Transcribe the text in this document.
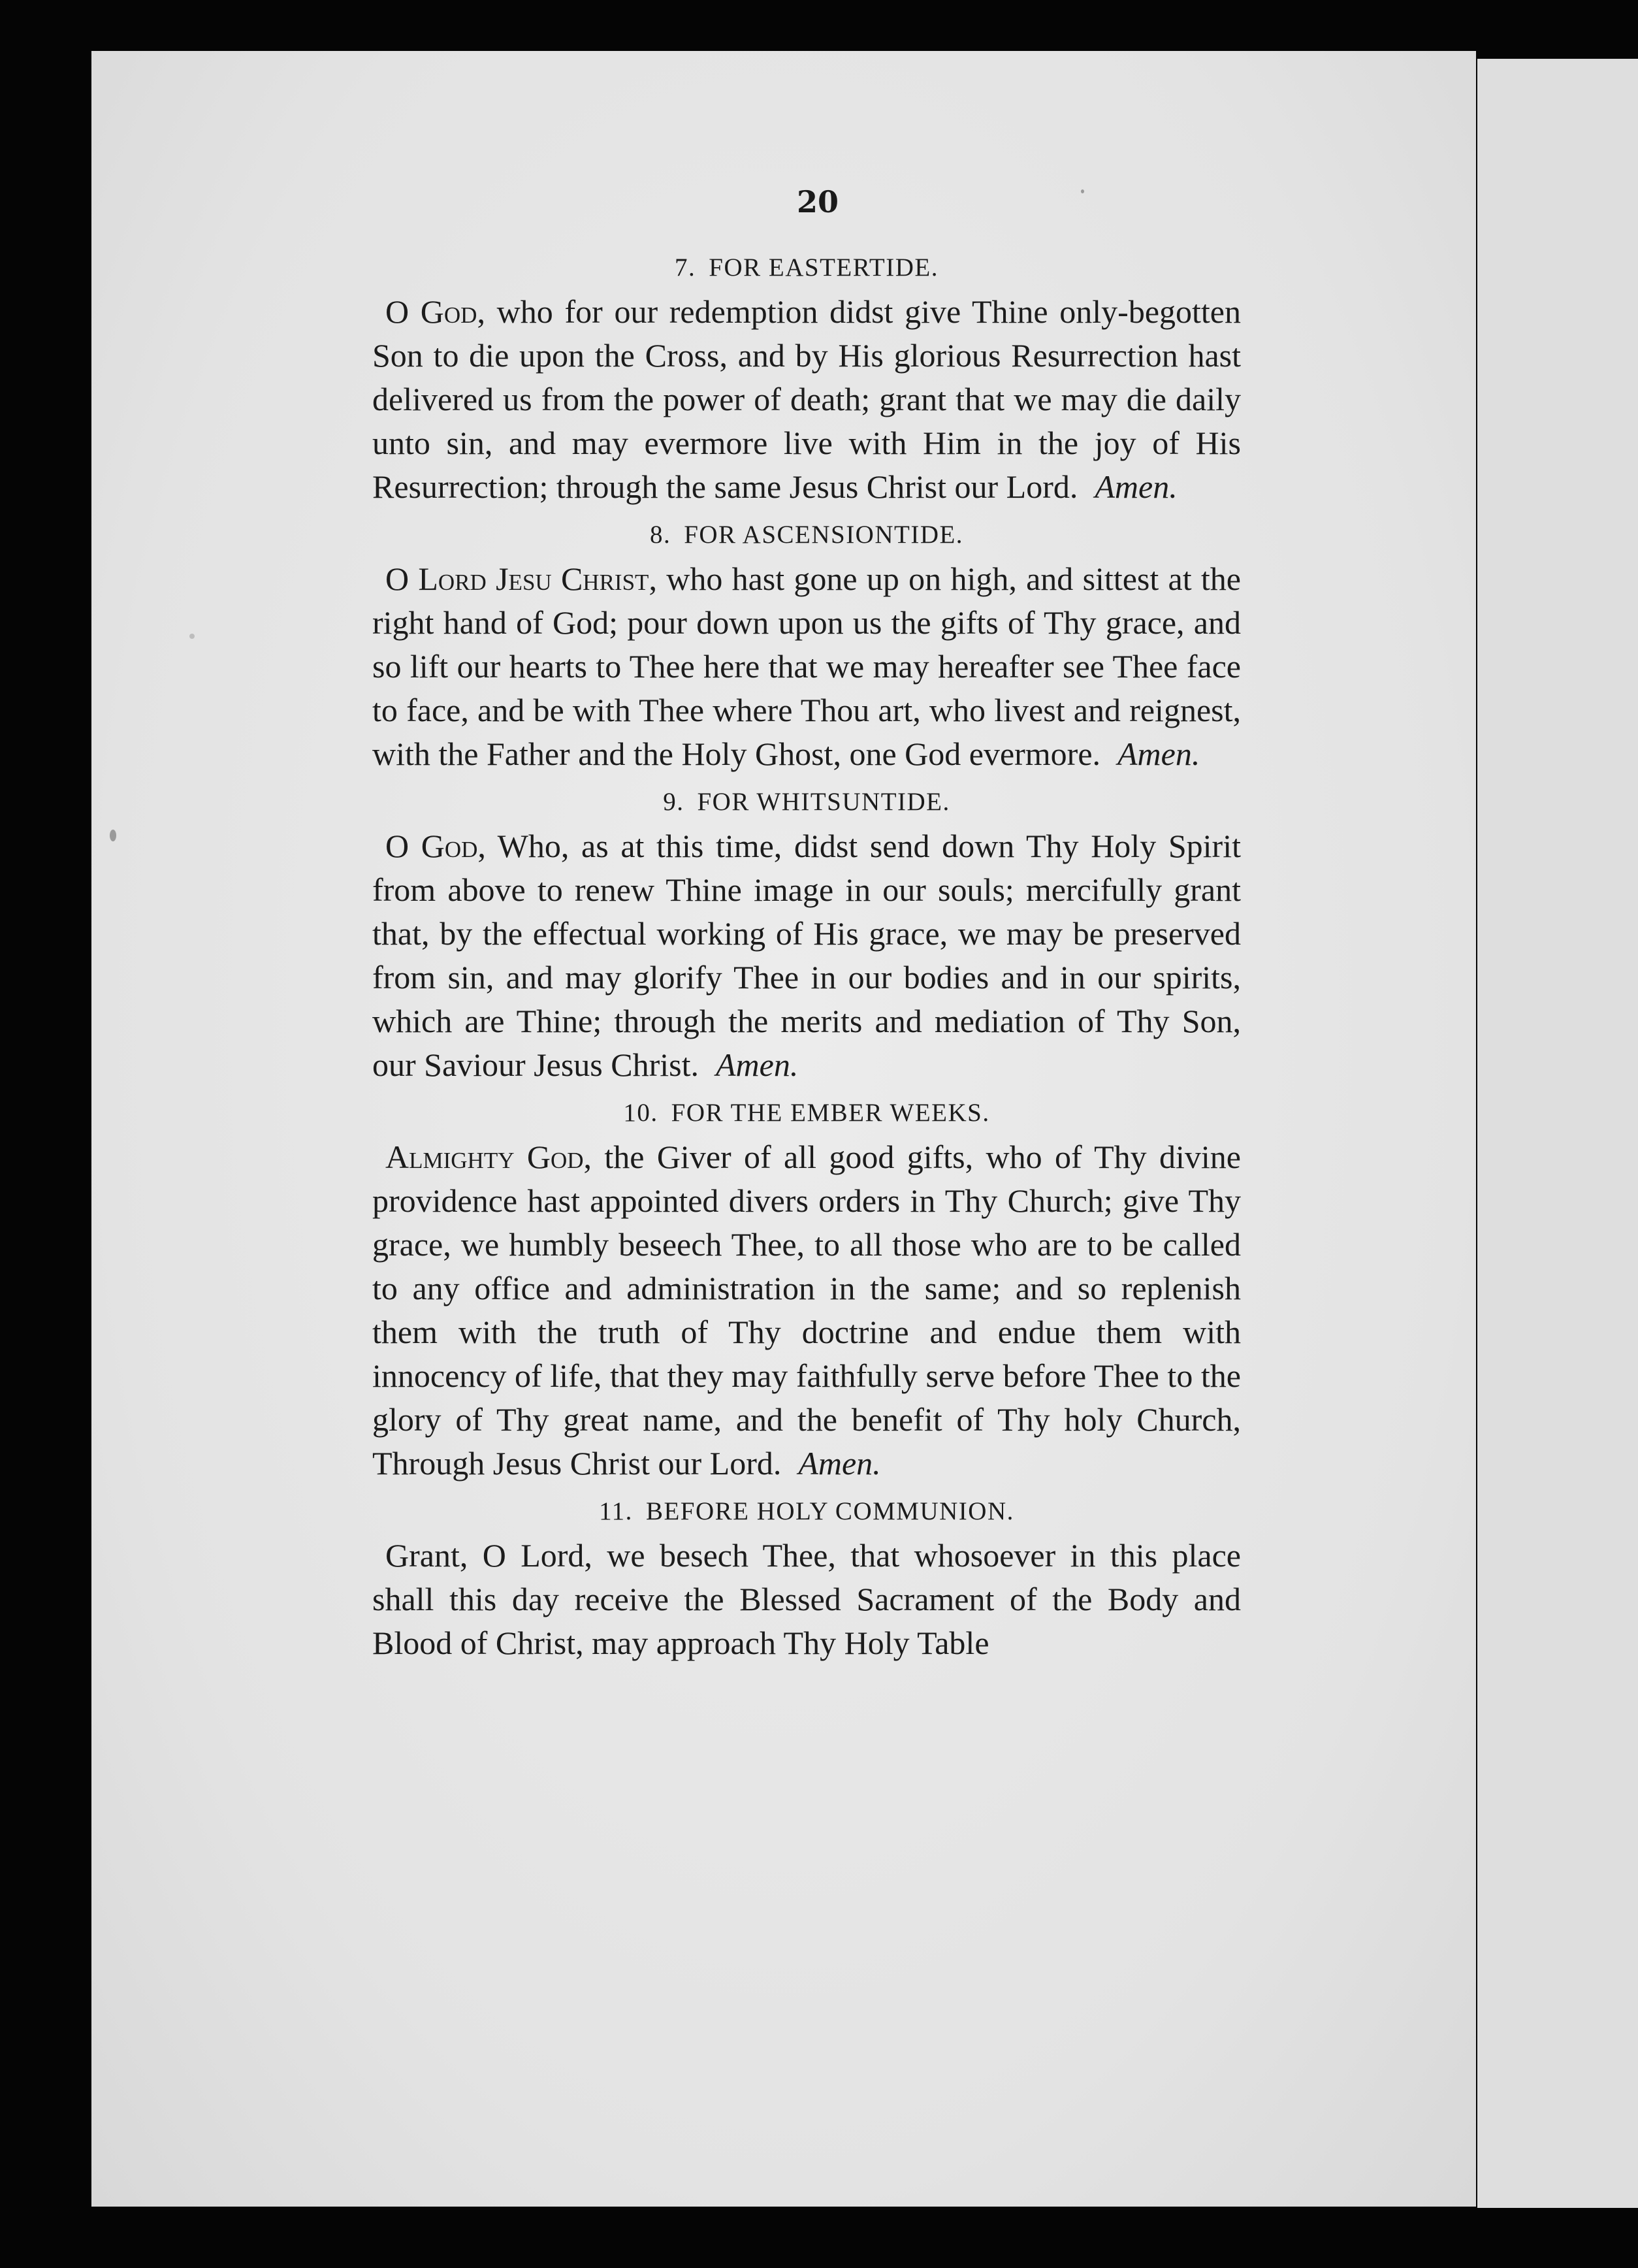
20
7. FOR EASTERTIDE.

O God, who for our redemption didst give Thine only-begotten Son to die upon the Cross, and by His glorious Resurrection hast delivered us from the power of death; grant that we may die daily unto sin, and may evermore live with Him in the joy of His Resurrection; through the same Jesus Christ our Lord. Amen.

8. FOR ASCENSIONTIDE.

O Lord Jesu Christ, who hast gone up on high, and sittest at the right hand of God; pour down upon us the gifts of Thy grace, and so lift our hearts to Thee here that we may hereafter see Thee face to face, and be with Thee where Thou art, who livest and reignest, with the Father and the Holy Ghost, one God evermore. Amen.

9. FOR WHITSUNTIDE.

O God, Who, as at this time, didst send down Thy Holy Spirit from above to renew Thine image in our souls; mercifully grant that, by the effectual working of His grace, we may be preserved from sin, and may glorify Thee in our bodies and in our spirits, which are Thine; through the merits and mediation of Thy Son, our Saviour Jesus Christ. Amen.

10. FOR THE EMBER WEEKS.

Almighty God, the Giver of all good gifts, who of Thy divine providence hast appointed divers orders in Thy Church; give Thy grace, we humbly beseech Thee, to all those who are to be called to any office and administration in the same; and so replenish them with the truth of Thy doctrine and endue them with innocency of life, that they may faithfully serve before Thee to the glory of Thy great name, and the benefit of Thy holy Church, Through Jesus Christ our Lord. Amen.

11. BEFORE HOLY COMMUNION.

Grant, O Lord, we besech Thee, that whosoever in this place shall this day receive the Blessed Sacrament of the Body and Blood of Christ, may approach Thy Holy Table
